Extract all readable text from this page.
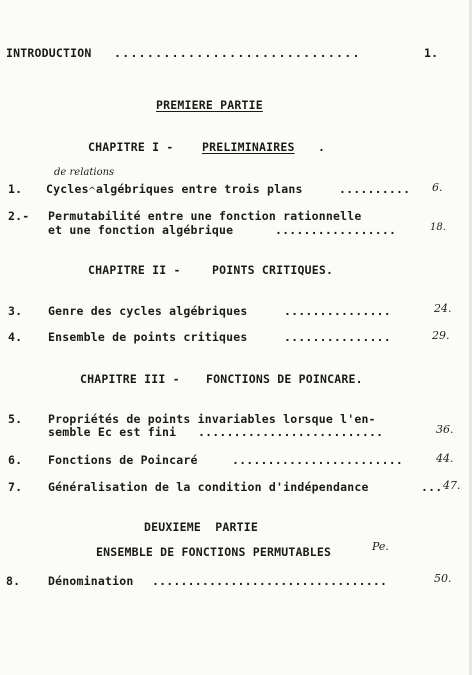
INTRODUCTION ..............................	1.
PREMIERE PARTIE
CHAPITRE I - PRELIMINAIRES .
de relations
1. Cycles ^ algébriques entre trois plans	.......... 6.
2.- Permutabilité entre une fonction rationnelle
et une fonction algébrique	.................	18.
CHAPITRE II -	POINTS CRITIQUES.
3. Genre des cycles algébriques	...............	24.
4. Ensemble de points critiques	...............	29.
CHAPITRE III - FONCTIONS DE POINCARE.
5. Propriétés de points invariables lorsque l'en-
semble Ec est fini ..........................	36.
6. Fonctions de Poincaré	........................	44.
7. Généralisation de la condition d'indépendance	... 47.
DEUXIEME  PARTIE
ENSEMBLE DE FONCTIONS PERMUTABLES	Pe.
8. Dénomination .................................	50.
